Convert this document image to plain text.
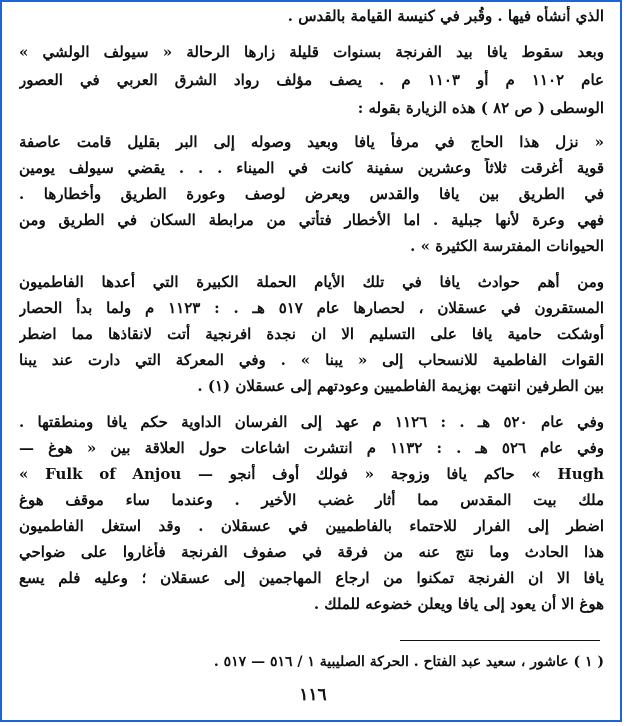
الذي أنشأه فيها . وقُبر في كنيسة القيامة بالقدس .
وبعد سقوط يافا بيد الفرنجة بسنوات قليلة زارها الرحالة « سيولف الولشي »
عام ١١٠٢ م أو ١١٠٣ م . يصف مؤلف رواد الشرق العربي في العصور
الوسطى ( ص ٨٢ ) هذه الزيارة بقوله :
« نزل هذا الحاج في مرفأ يافا وبعيد وصوله إلى البر بقليل قامت عاصفة
قوية أغرقت ثلاثاً وعشرين سفينة كانت في الميناء . . . يقضي سيولف يومين
في الطريق بين يافا والقدس ويعرض لوصف وعورة الطريق وأخطارها .
فهي وعرة لأنها جبلية . اما الأخطار فتأتي من مرابطة السكان في الطريق ومن
الحيوانات المفترسة الكثيرة » .
ومن أهم حوادث يافا في تلك الأيام الحملة الكبيرة التي أعدها الفاطميون
المستقرون في عسقلان ، لحصارها عام ٥١٧ هـ . : ١١٢٣ م ولما بدأ الحصار
أوشكت حامية يافا على التسليم الا ان نجدة افرنجية أتت لانقاذها مما اضطر
القوات الفاطمية للانسحاب إلى « يبنا » . وفي المعركة التي دارت عند يبنا
بين الطرفين انتهت بهزيمة الفاطميين وعودتهم إلى عسقلان (١) .
وفي عام ٥٢٠ هـ . : ١١٢٦ م عهد إلى الفرسان الداوية حكم يافا ومنطقتها .
وفي عام ٥٢٦ هـ . : ١١٣٢ م انتشرت اشاعات حول العلاقة بين « هوغ —
Hugh » حاكم يافا وزوجة « فولك أوف أنجو — Fulk of Anjou »
ملك بيت المقدس مما أثار غضب الأخير . وعندما ساء موقف هوغ
اضطر إلى الفرار للاحتماء بالفاطميين في عسقلان . وقد استغل الفاطميون
هذا الحادث وما نتج عنه من فرقة في صفوف الفرنجة فأغاروا على ضواحي
يافا الا ان الفرنجة تمكنوا من ارجاع المهاجمين إلى عسقلان ؛ وعليه فلم يسع
هوغ الا أن يعود إلى يافا ويعلن خضوعه للملك .
( ١ ) عاشور ، سعيد عبد الفتاح . الحركة الصليبية ١ / ٥١٦ — ٥١٧ .
١١٦
